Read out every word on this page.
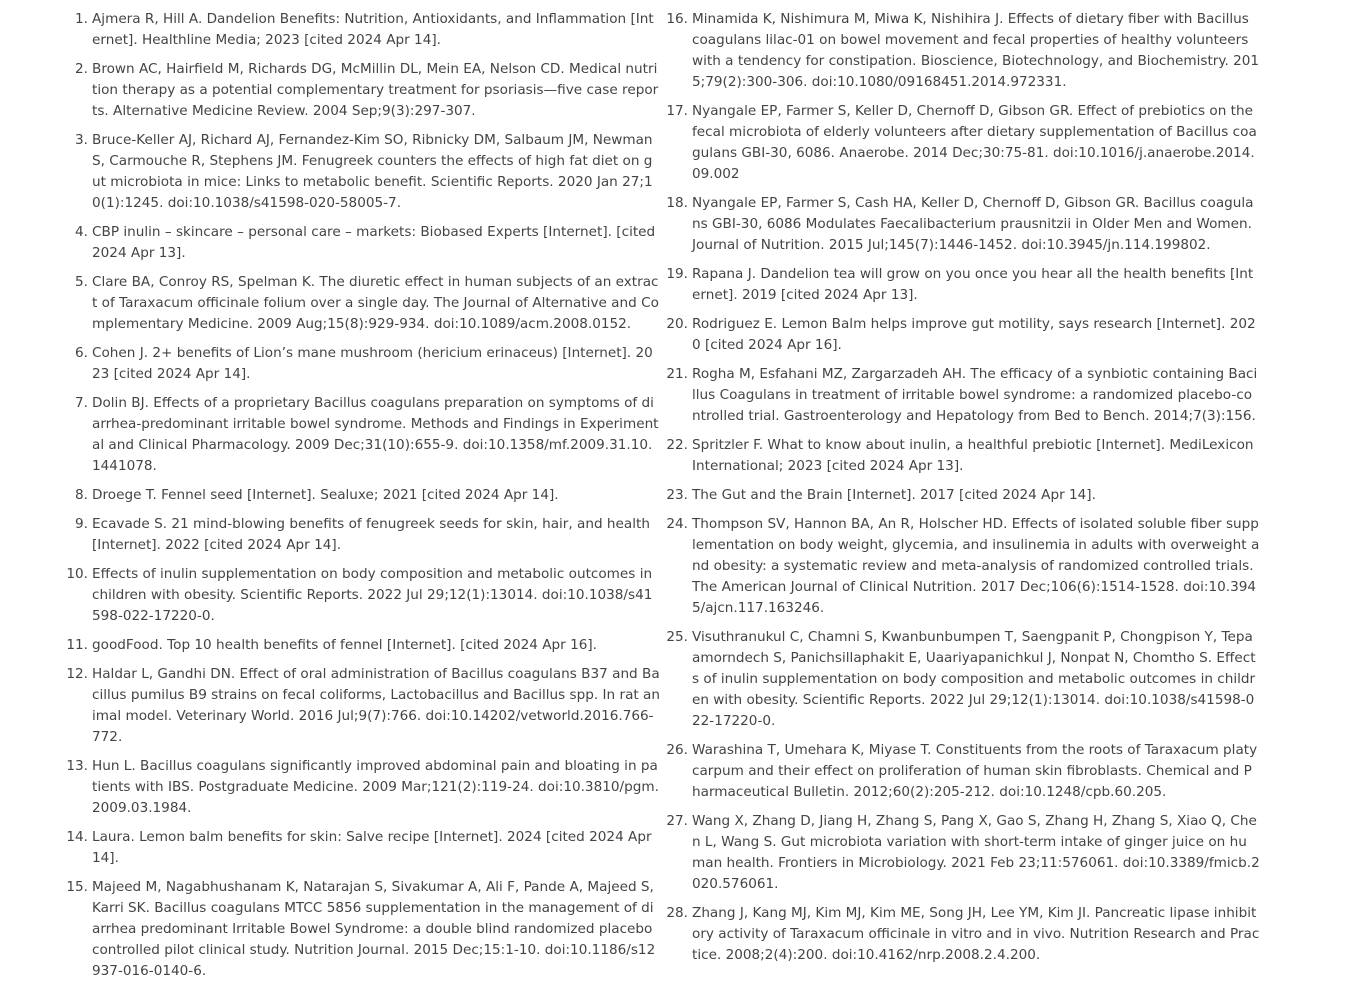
1. Ajmera R, Hill A. Dandelion Benefits: Nutrition, Antioxidants, and Inflammation [Internet]. Healthline Media; 2023 [cited 2024 Apr 14].
2. Brown AC, Hairfield M, Richards DG, McMillin DL, Mein EA, Nelson CD. Medical nutrition therapy as a potential complementary treatment for psoriasis—five case reports. Alternative Medicine Review. 2004 Sep;9(3):297-307.
3. Bruce-Keller AJ, Richard AJ, Fernandez-Kim SO, Ribnicky DM, Salbaum JM, Newman S, Carmouche R, Stephens JM. Fenugreek counters the effects of high fat diet on gut microbiota in mice: Links to metabolic benefit. Scientific Reports. 2020 Jan 27;10(1):1245. doi:10.1038/s41598-020-58005-7.
4. CBP inulin – skincare – personal care – markets: Biobased Experts [Internet]. [cited 2024 Apr 13].
5. Clare BA, Conroy RS, Spelman K. The diuretic effect in human subjects of an extract of Taraxacum officinale folium over a single day. The Journal of Alternative and Complementary Medicine. 2009 Aug;15(8):929-934. doi:10.1089/acm.2008.0152.
6. Cohen J. 2+ benefits of Lion’s mane mushroom (hericium erinaceus) [Internet]. 2023 [cited 2024 Apr 14].
7. Dolin BJ. Effects of a proprietary Bacillus coagulans preparation on symptoms of diarrhea-predominant irritable bowel syndrome. Methods and Findings in Experimental and Clinical Pharmacology. 2009 Dec;31(10):655-9. doi:10.1358/mf.2009.31.10.1441078.
8. Droege T. Fennel seed [Internet]. Sealuxe; 2021 [cited 2024 Apr 14].
9. Ecavade S. 21 mind-blowing benefits of fenugreek seeds for skin, hair, and health [Internet]. 2022 [cited 2024 Apr 14].
10. Effects of inulin supplementation on body composition and metabolic outcomes in children with obesity. Scientific Reports. 2022 Jul 29;12(1):13014. doi:10.1038/s41598-022-17220-0.
11. goodFood. Top 10 health benefits of fennel [Internet]. [cited 2024 Apr 16].
12. Haldar L, Gandhi DN. Effect of oral administration of Bacillus coagulans B37 and Bacillus pumilus B9 strains on fecal coliforms, Lactobacillus and Bacillus spp. In rat animal model. Veterinary World. 2016 Jul;9(7):766. doi:10.14202/vetworld.2016.766-772.
13. Hun L. Bacillus coagulans significantly improved abdominal pain and bloating in patients with IBS. Postgraduate Medicine. 2009 Mar;121(2):119-24. doi:10.3810/pgm.2009.03.1984.
14. Laura. Lemon balm benefits for skin: Salve recipe [Internet]. 2024 [cited 2024 Apr 14].
15. Majeed M, Nagabhushanam K, Natarajan S, Sivakumar A, Ali F, Pande A, Majeed S, Karri SK. Bacillus coagulans MTCC 5856 supplementation in the management of diarrhea predominant Irritable Bowel Syndrome: a double blind randomized placebo controlled pilot clinical study. Nutrition Journal. 2015 Dec;15:1-10. doi:10.1186/s12937-016-0140-6.
16. Minamida K, Nishimura M, Miwa K, Nishihira J. Effects of dietary fiber with Bacillus coagulans lilac-01 on bowel movement and fecal properties of healthy volunteers with a tendency for constipation. Bioscience, Biotechnology, and Biochemistry. 2015;79(2):300-306. doi:10.1080/09168451.2014.972331.
17. Nyangale EP, Farmer S, Keller D, Chernoff D, Gibson GR. Effect of prebiotics on the fecal microbiota of elderly volunteers after dietary supplementation of Bacillus coagulans GBI-30, 6086. Anaerobe. 2014 Dec;30:75-81. doi:10.1016/j.anaerobe.2014.09.002
18. Nyangale EP, Farmer S, Cash HA, Keller D, Chernoff D, Gibson GR. Bacillus coagulans GBI-30, 6086 Modulates Faecalibacterium prausnitzii in Older Men and Women. Journal of Nutrition. 2015 Jul;145(7):1446-1452. doi:10.3945/jn.114.199802.
19. Rapana J. Dandelion tea will grow on you once you hear all the health benefits [Internet]. 2019 [cited 2024 Apr 13].
20. Rodriguez E. Lemon Balm helps improve gut motility, says research [Internet]. 2020 [cited 2024 Apr 16].
21. Rogha M, Esfahani MZ, Zargarzadeh AH. The efficacy of a synbiotic containing Bacillus Coagulans in treatment of irritable bowel syndrome: a randomized placebo-controlled trial. Gastroenterology and Hepatology from Bed to Bench. 2014;7(3):156.
22. Spritzler F. What to know about inulin, a healthful prebiotic [Internet]. MediLexicon International; 2023 [cited 2024 Apr 13].
23. The Gut and the Brain [Internet]. 2017 [cited 2024 Apr 14].
24. Thompson SV, Hannon BA, An R, Holscher HD. Effects of isolated soluble fiber supplementation on body weight, glycemia, and insulinemia in adults with overweight and obesity: a systematic review and meta-analysis of randomized controlled trials. The American Journal of Clinical Nutrition. 2017 Dec;106(6):1514-1528. doi:10.3945/ajcn.117.163246.
25. Visuthranukul C, Chamni S, Kwanbunbumpen T, Saengpanit P, Chongpison Y, Tepaamorndech S, Panichsillaphakit E, Uaariyapanichkul J, Nonpat N, Chomtho S. Effects of inulin supplementation on body composition and metabolic outcomes in children with obesity. Scientific Reports. 2022 Jul 29;12(1):13014. doi:10.1038/s41598-022-17220-0.
26. Warashina T, Umehara K, Miyase T. Constituents from the roots of Taraxacum platycarpum and their effect on proliferation of human skin fibroblasts. Chemical and Pharmaceutical Bulletin. 2012;60(2):205-212. doi:10.1248/cpb.60.205.
27. Wang X, Zhang D, Jiang H, Zhang S, Pang X, Gao S, Zhang H, Zhang S, Xiao Q, Chen L, Wang S. Gut microbiota variation with short-term intake of ginger juice on human health. Frontiers in Microbiology. 2021 Feb 23;11:576061. doi:10.3389/fmicb.2020.576061.
28. Zhang J, Kang MJ, Kim MJ, Kim ME, Song JH, Lee YM, Kim JI. Pancreatic lipase inhibitory activity of Taraxacum officinale in vitro and in vivo. Nutrition Research and Practice. 2008;2(4):200. doi:10.4162/nrp.2008.2.4.200.
